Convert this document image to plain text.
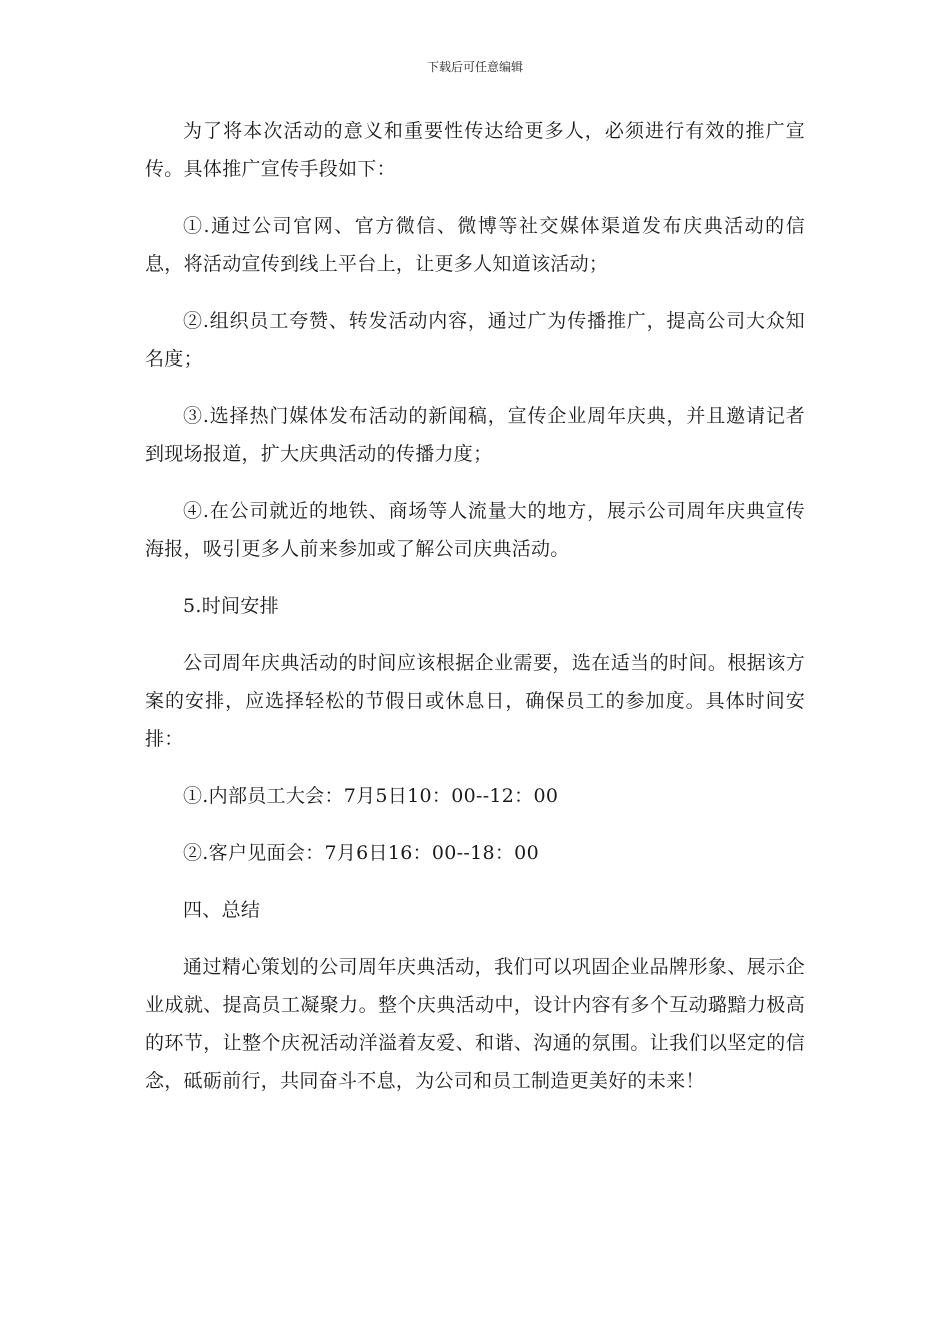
下载后可任意编辑

为了将本次活动的意义和重要性传达给更多人，必须进行有效的推广宣传。具体推广宣传手段如下：

①.通过公司官网、官方微信、微博等社交媒体渠道发布庆典活动的信息，将活动宣传到线上平台上，让更多人知道该活动；

②.组织员工夸赞、转发活动内容，通过广为传播推广，提高公司大众知名度；

③.选择热门媒体发布活动的新闻稿，宣传企业周年庆典，并且邀请记者到现场报道，扩大庆典活动的传播力度；

④.在公司就近的地铁、商场等人流量大的地方，展示公司周年庆典宣传海报，吸引更多人前来参加或了解公司庆典活动。

5.时间安排

公司周年庆典活动的时间应该根据企业需要，选在适当的时间。根据该方案的安排，应选择轻松的节假日或休息日，确保员工的参加度。具体时间安排：

①.内部员工大会：7月5日10：00--12：00

②.客户见面会：7月6日16：00--18：00

四、总结

通过精心策划的公司周年庆典活动，我们可以巩固企业品牌形象、展示企业成就、提高员工凝聚力。整个庆典活动中，设计内容有多个互动璐黯力极高的环节，让整个庆祝活动洋溢着友爱、和谐、沟通的氛围。让我们以坚定的信念，砥砺前行，共同奋斗不息，为公司和员工制造更美好的未来！
